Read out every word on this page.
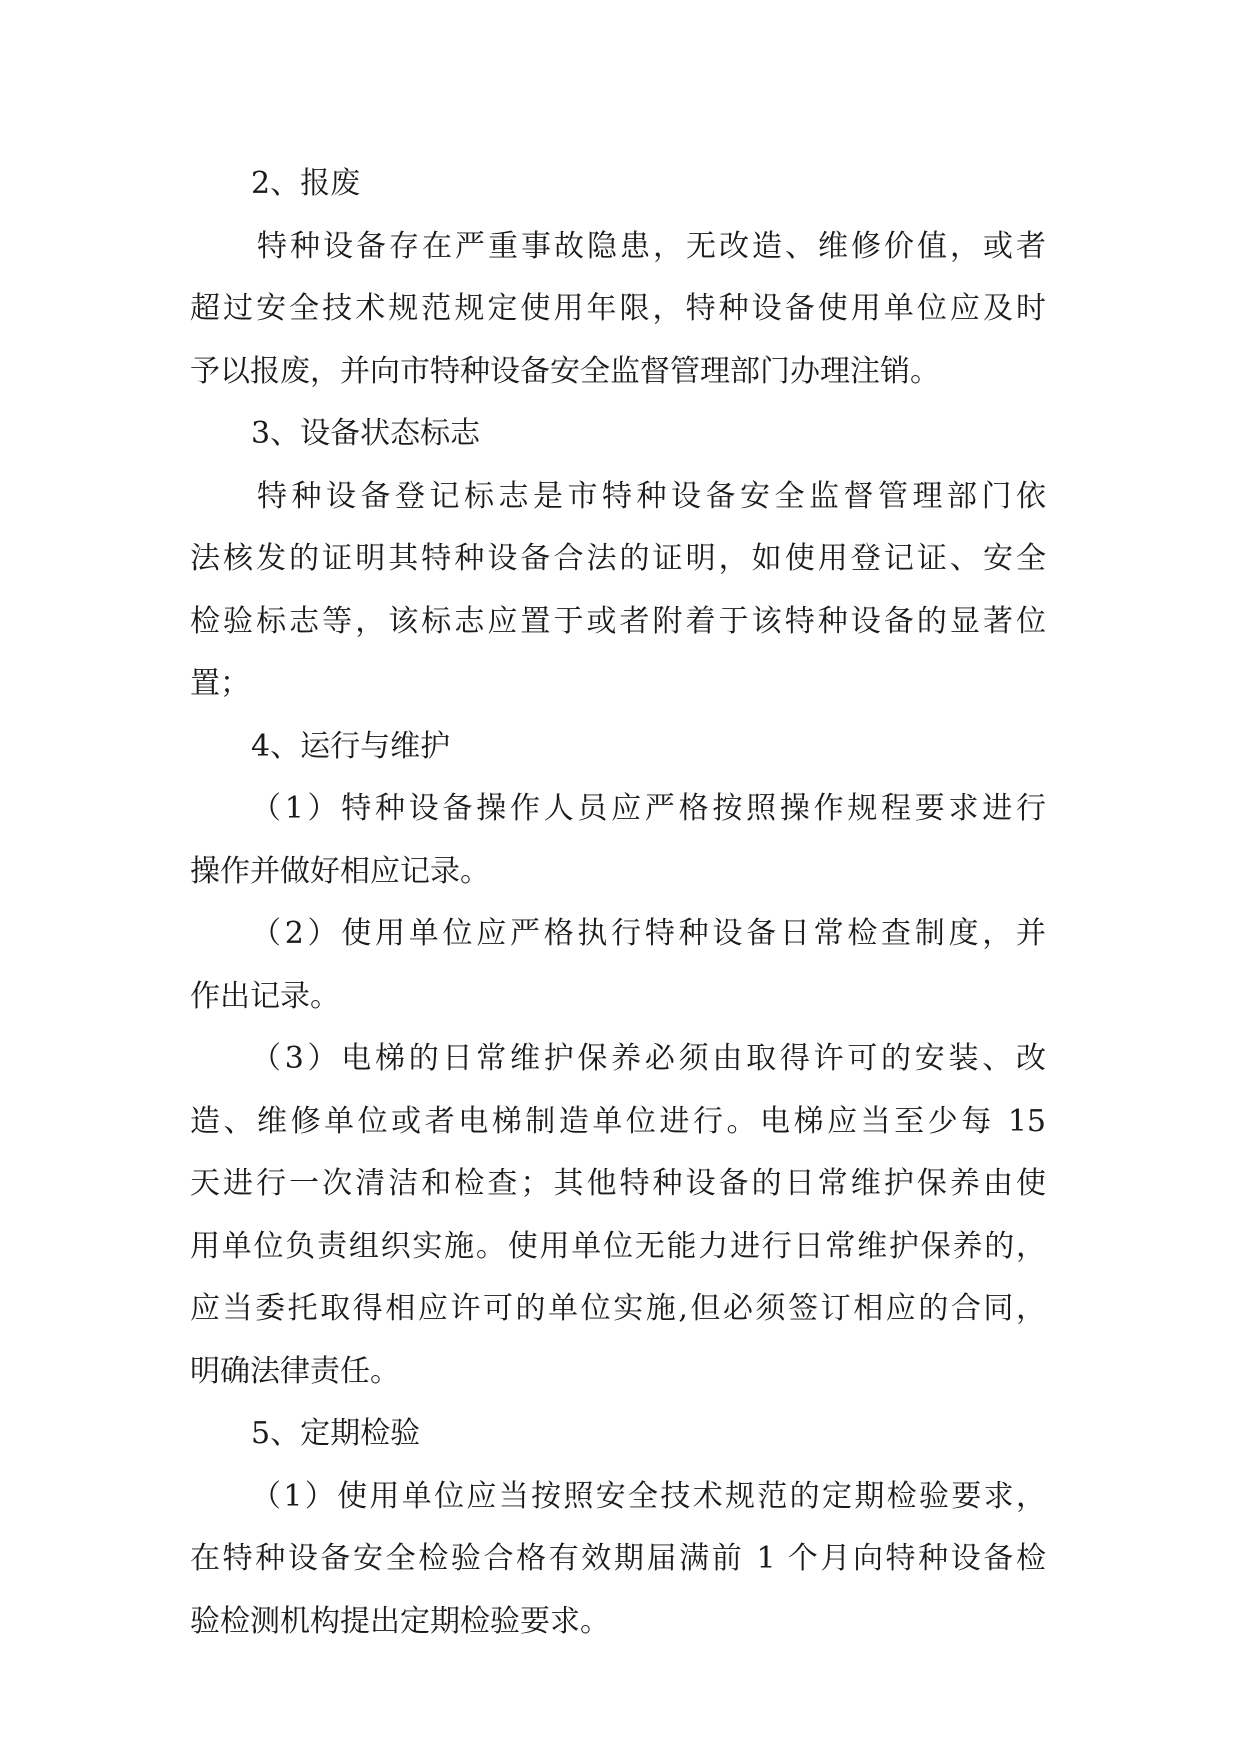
2、报废

特种设备存在严重事故隐患，无改造、维修价值，或者

超过安全技术规范规定使用年限，特种设备使用单位应及时

予以报废，并向市特种设备安全监督管理部门办理注销。

3、设备状态标志

特种设备登记标志是市特种设备安全监督管理部门依

法核发的证明其特种设备合法的证明，如使用登记证、安全

检验标志等，该标志应置于或者附着于该特种设备的显著位

置；

4、运行与维护

（1）特种设备操作人员应严格按照操作规程要求进行

操作并做好相应记录。

（2）使用单位应严格执行特种设备日常检查制度，并

作出记录。

（3）电梯的日常维护保养必须由取得许可的安装、改

造、维修单位或者电梯制造单位进行。电梯应当至少每 15

天进行一次清洁和检查；其他特种设备的日常维护保养由使

用单位负责组织实施。使用单位无能力进行日常维护保养的，

应当委托取得相应许可的单位实施,但必须签订相应的合同，

明确法律责任。

5、定期检验

（1）使用单位应当按照安全技术规范的定期检验要求，

在特种设备安全检验合格有效期届满前 1 个月向特种设备检

验检测机构提出定期检验要求。
